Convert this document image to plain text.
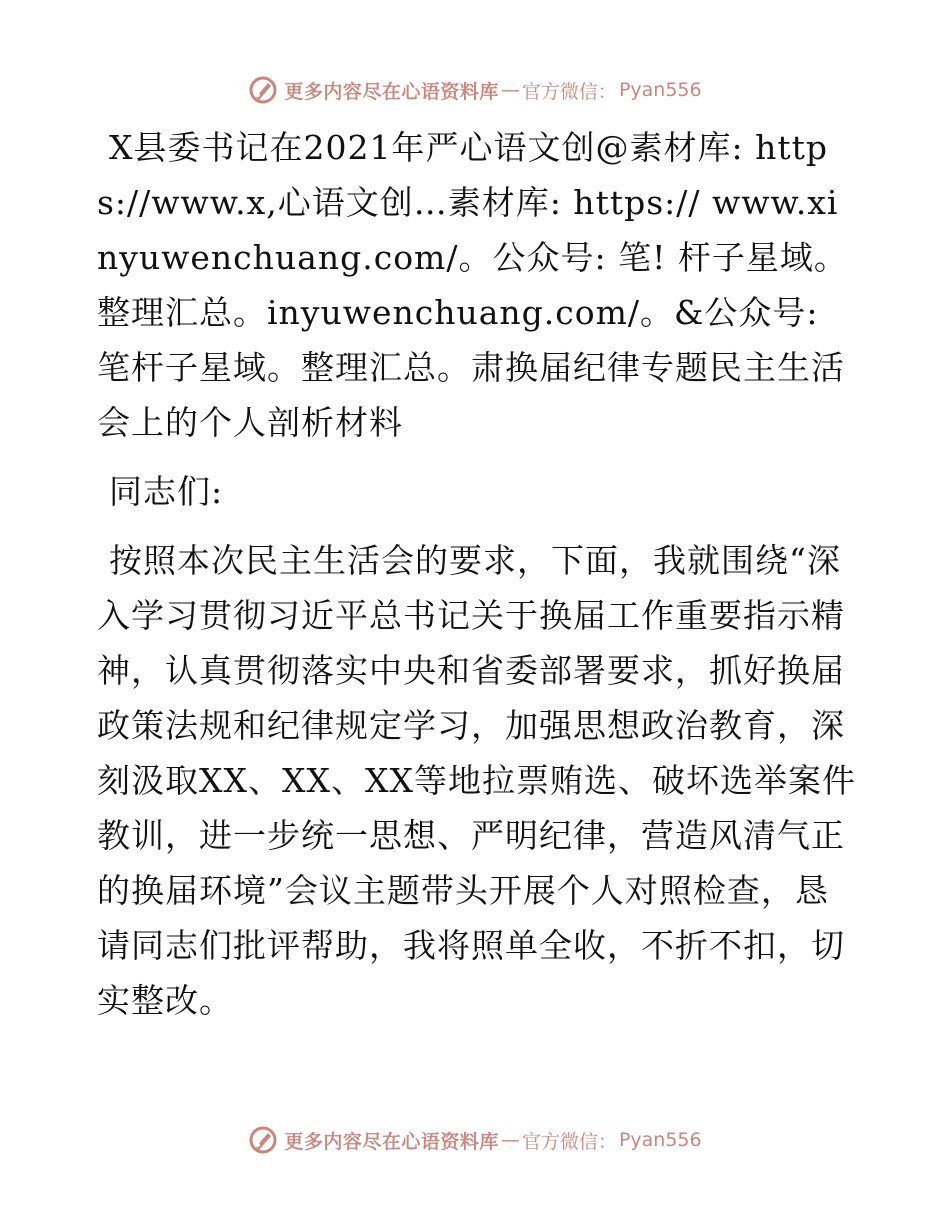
更多内容尽在心语资料库 — 官方微信： Pyan556

X县委书记在2021年严心语文创@素材库: https://www.x,心语文创…素材库: https:// www.xinyuwenchuang.com/。公众号: 笔! 杆子星域。整理汇总。inyuwenchuang.com/。&公众号: 笔杆子星域。整理汇总。肃换届纪律专题民主生活会上的个人剖析材料

同志们:

按照本次民主生活会的要求，下面，我就围绕“深入学习贯彻习近平总书记关于换届工作重要指示精神，认真贯彻落实中央和省委部署要求，抓好换届政策法规和纪律规定学习，加强思想政治教育，深刻汲取XX、XX、XX等地拉票贿选、破坏选举案件教训，进一步统一思想、严明纪律，营造风清气正的换届环境”会议主题带头开展个人对照检查，恳请同志们批评帮助，我将照单全收，不折不扣，切实整改。

更多内容尽在心语资料库 — 官方微信： Pyan556
